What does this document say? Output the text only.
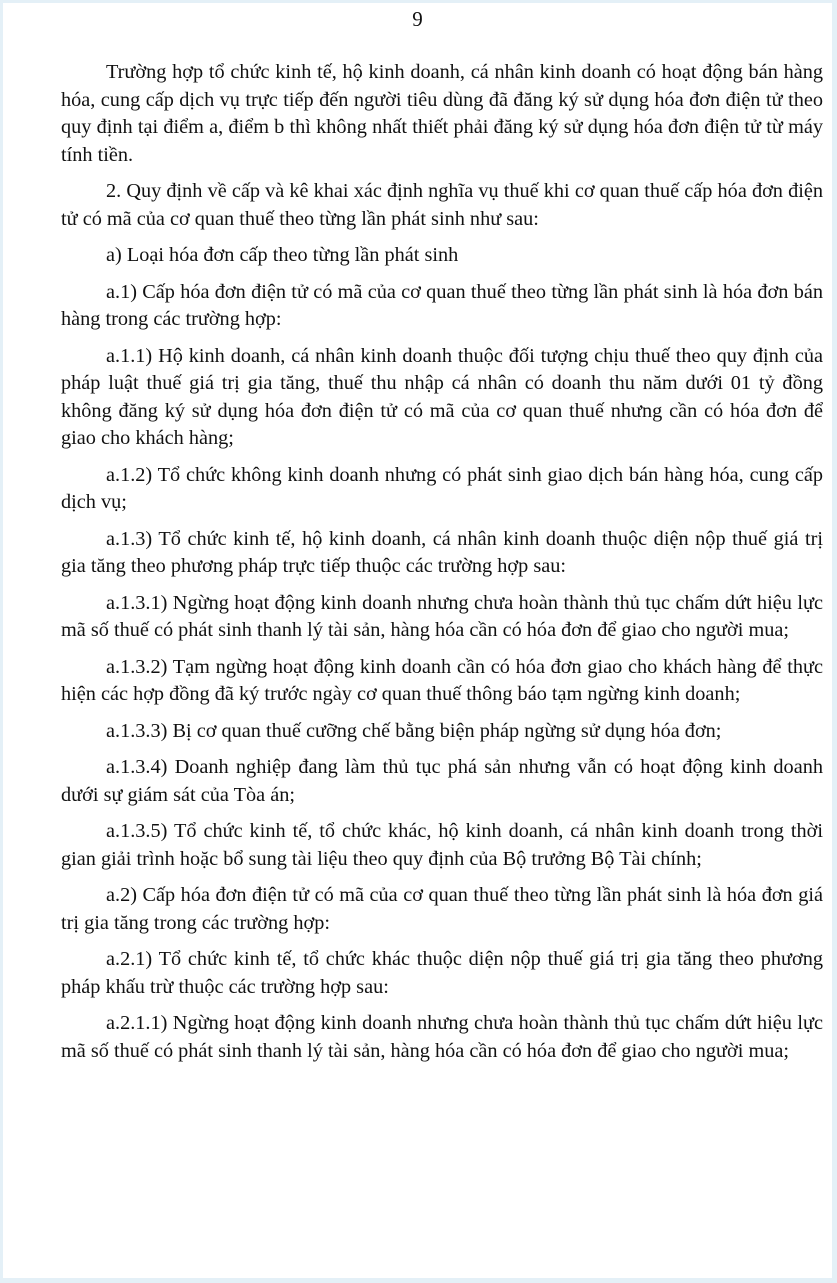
9

Trường hợp tổ chức kinh tế, hộ kinh doanh, cá nhân kinh doanh có hoạt động bán hàng hóa, cung cấp dịch vụ trực tiếp đến người tiêu dùng đã đăng ký sử dụng hóa đơn điện tử theo quy định tại điểm a, điểm b thì không nhất thiết phải đăng ký sử dụng hóa đơn điện tử từ máy tính tiền.

2. Quy định về cấp và kê khai xác định nghĩa vụ thuế khi cơ quan thuế cấp hóa đơn điện tử có mã của cơ quan thuế theo từng lần phát sinh như sau:

a) Loại hóa đơn cấp theo từng lần phát sinh

a.1) Cấp hóa đơn điện tử có mã của cơ quan thuế theo từng lần phát sinh là hóa đơn bán hàng trong các trường hợp:

a.1.1) Hộ kinh doanh, cá nhân kinh doanh thuộc đối tượng chịu thuế theo quy định của pháp luật thuế giá trị gia tăng, thuế thu nhập cá nhân có doanh thu năm dưới 01 tỷ đồng không đăng ký sử dụng hóa đơn điện tử có mã của cơ quan thuế nhưng cần có hóa đơn để giao cho khách hàng;

a.1.2) Tổ chức không kinh doanh nhưng có phát sinh giao dịch bán hàng hóa, cung cấp dịch vụ;

a.1.3) Tổ chức kinh tế, hộ kinh doanh, cá nhân kinh doanh thuộc diện nộp thuế giá trị gia tăng theo phương pháp trực tiếp thuộc các trường hợp sau:

a.1.3.1) Ngừng hoạt động kinh doanh nhưng chưa hoàn thành thủ tục chấm dứt hiệu lực mã số thuế có phát sinh thanh lý tài sản, hàng hóa cần có hóa đơn để giao cho người mua;

a.1.3.2) Tạm ngừng hoạt động kinh doanh cần có hóa đơn giao cho khách hàng để thực hiện các hợp đồng đã ký trước ngày cơ quan thuế thông báo tạm ngừng kinh doanh;

a.1.3.3) Bị cơ quan thuế cưỡng chế bằng biện pháp ngừng sử dụng hóa đơn;

a.1.3.4) Doanh nghiệp đang làm thủ tục phá sản nhưng vẫn có hoạt động kinh doanh dưới sự giám sát của Tòa án;

a.1.3.5) Tổ chức kinh tế, tổ chức khác, hộ kinh doanh, cá nhân kinh doanh trong thời gian giải trình hoặc bổ sung tài liệu theo quy định của Bộ trưởng Bộ Tài chính;

a.2) Cấp hóa đơn điện tử có mã của cơ quan thuế theo từng lần phát sinh là hóa đơn giá trị gia tăng trong các trường hợp:

a.2.1) Tổ chức kinh tế, tổ chức khác thuộc diện nộp thuế giá trị gia tăng theo phương pháp khấu trừ thuộc các trường hợp sau:

a.2.1.1) Ngừng hoạt động kinh doanh nhưng chưa hoàn thành thủ tục chấm dứt hiệu lực mã số thuế có phát sinh thanh lý tài sản, hàng hóa cần có hóa đơn để giao cho người mua;
